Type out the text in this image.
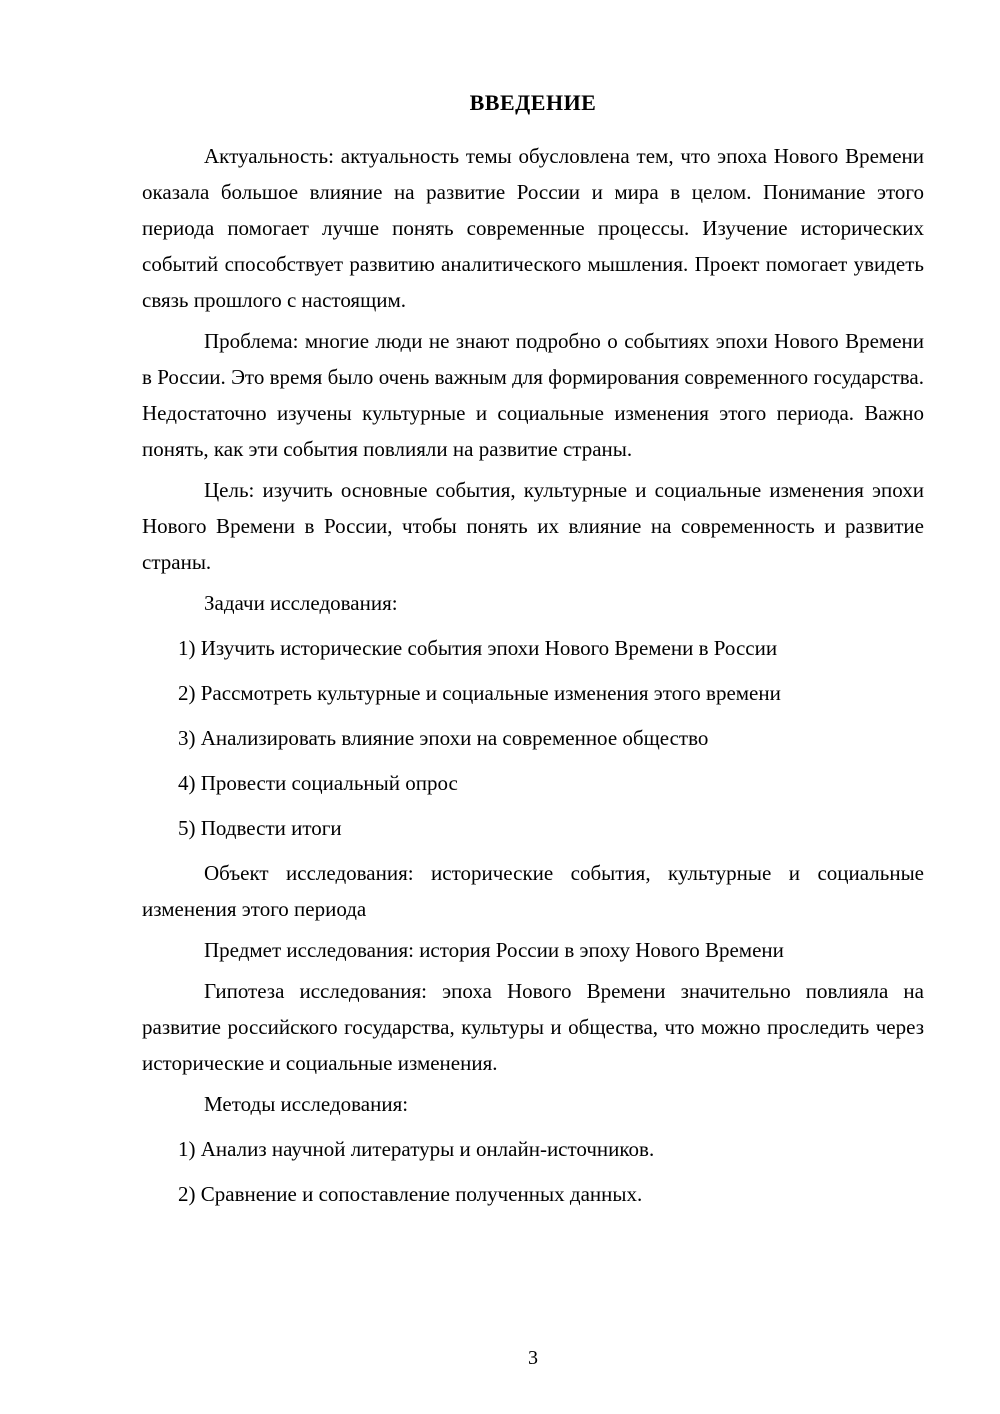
ВВЕДЕНИЕ

Актуальность: актуальность темы обусловлена тем, что эпоха Нового Времени оказала большое влияние на развитие России и мира в целом. Понимание этого периода помогает лучше понять современные процессы. Изучение исторических событий способствует развитию аналитического мышления. Проект помогает увидеть связь прошлого с настоящим.

Проблема: многие люди не знают подробно о событиях эпохи Нового Времени в России. Это время было очень важным для формирования современного государства. Недостаточно изучены культурные и социальные изменения этого периода. Важно понять, как эти события повлияли на развитие страны.

Цель: изучить основные события, культурные и социальные изменения эпохи Нового Времени в России, чтобы понять их влияние на современность и развитие страны.

Задачи исследования:

1) Изучить исторические события эпохи Нового Времени в России

2) Рассмотреть культурные и социальные изменения этого времени

3) Анализировать влияние эпохи на современное общество

4) Провести социальный опрос

5) Подвести итоги

Объект исследования: исторические события, культурные и социальные изменения этого периода

Предмет исследования: история России в эпоху Нового Времени

Гипотеза исследования: эпоха Нового Времени значительно повлияла на развитие российского государства, культуры и общества, что можно проследить через исторические и социальные изменения.

Методы исследования:

1) Анализ научной литературы и онлайн-источников.

2) Сравнение и сопоставление полученных данных.

3
